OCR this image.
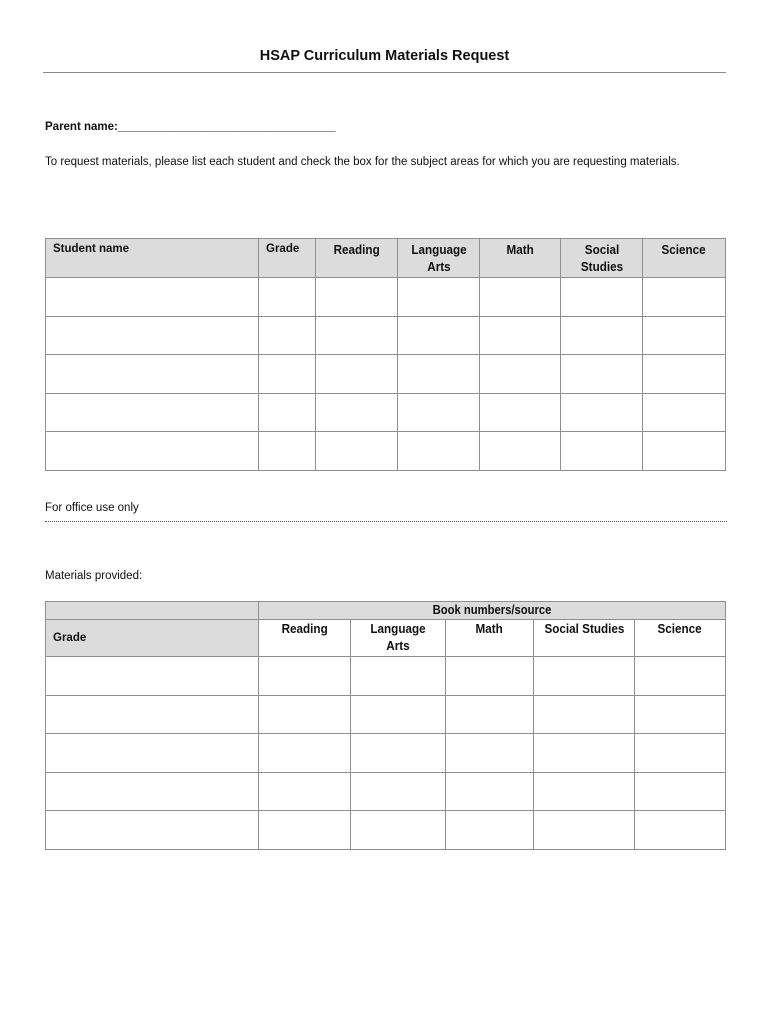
HSAP Curriculum Materials Request
Parent name:__________________________________
To request materials, please list each student and check the box for the subject areas for which you are requesting materials.
Student name	Grade	Reading	Language Arts	Math	Social Studies	Science

For office use only
Materials provided:
	Book numbers/source				
Grade	Reading	Language Arts	Math	Social Studies	Science
